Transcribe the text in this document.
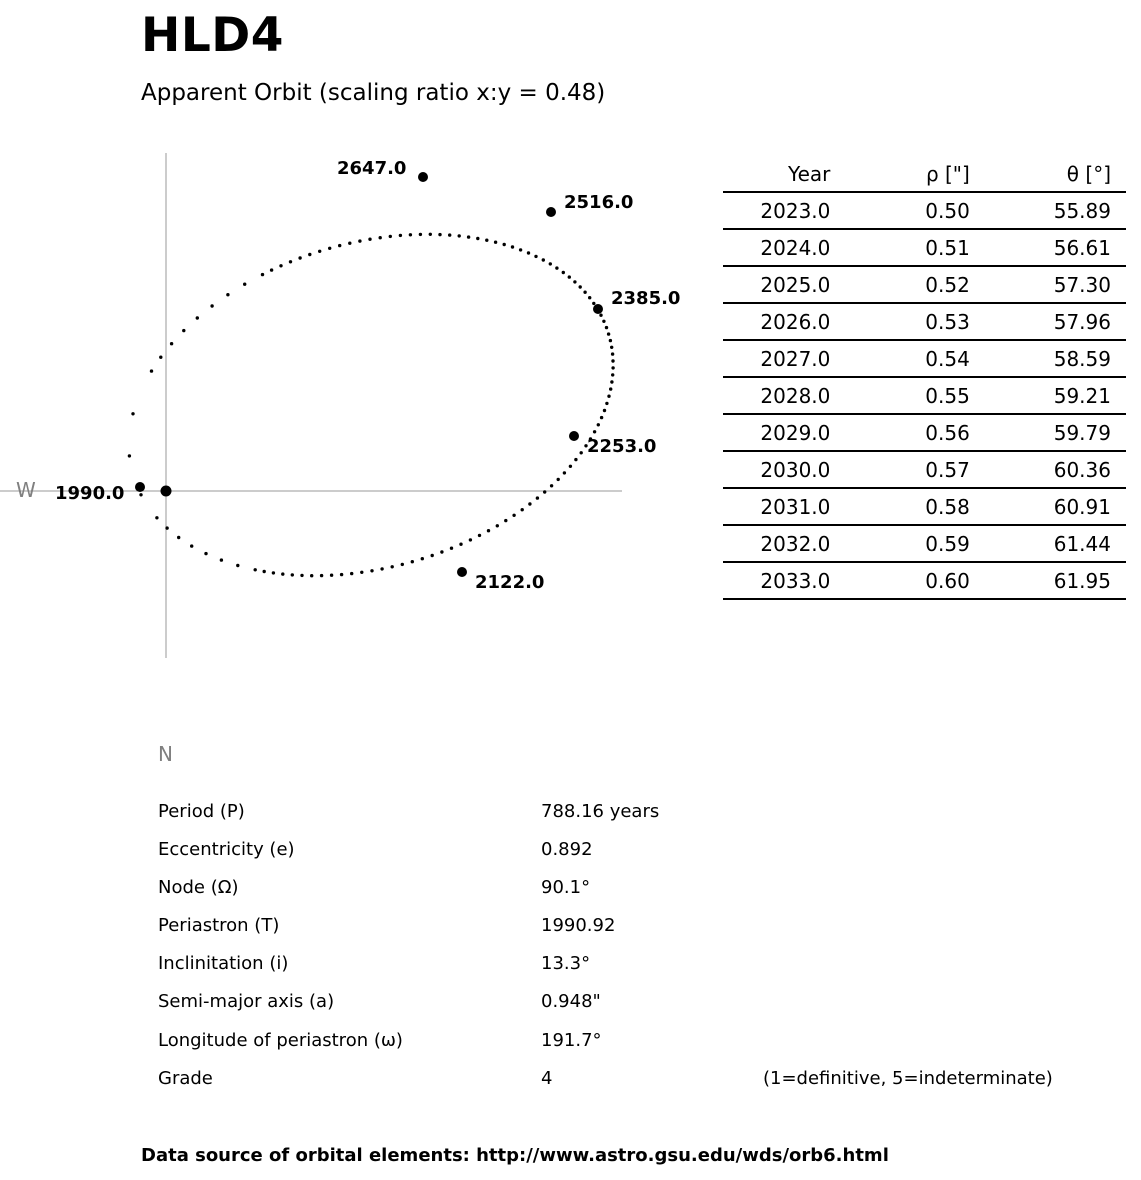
HLD4
Apparent Orbit (scaling ratio x:y = 0.48)
1990.0
2122.0
2253.0
2385.0
2516.0
2647.0
W
N
Year	ρ ["]	θ [°]
2023.0	0.50	55.89
2024.0	0.51	56.61
2025.0	0.52	57.30
2026.0	0.53	57.96
2027.0	0.54	58.59
2028.0	0.55	59.21
2029.0	0.56	59.79
2030.0	0.57	60.36
2031.0	0.58	60.91
2032.0	0.59	61.44
2033.0	0.60	61.95
Period (P)	788.16 years
Eccentricity (e)	0.892
Node (Ω)	90.1°
Periastron (T)	1990.92
Inclinitation (i)	13.3°
Semi-major axis (a)	0.948"
Longitude of periastron (ω)	191.7°
Grade	4	(1=definitive, 5=indeterminate)
Data source of orbital elements: http://www.astro.gsu.edu/wds/orb6.html
